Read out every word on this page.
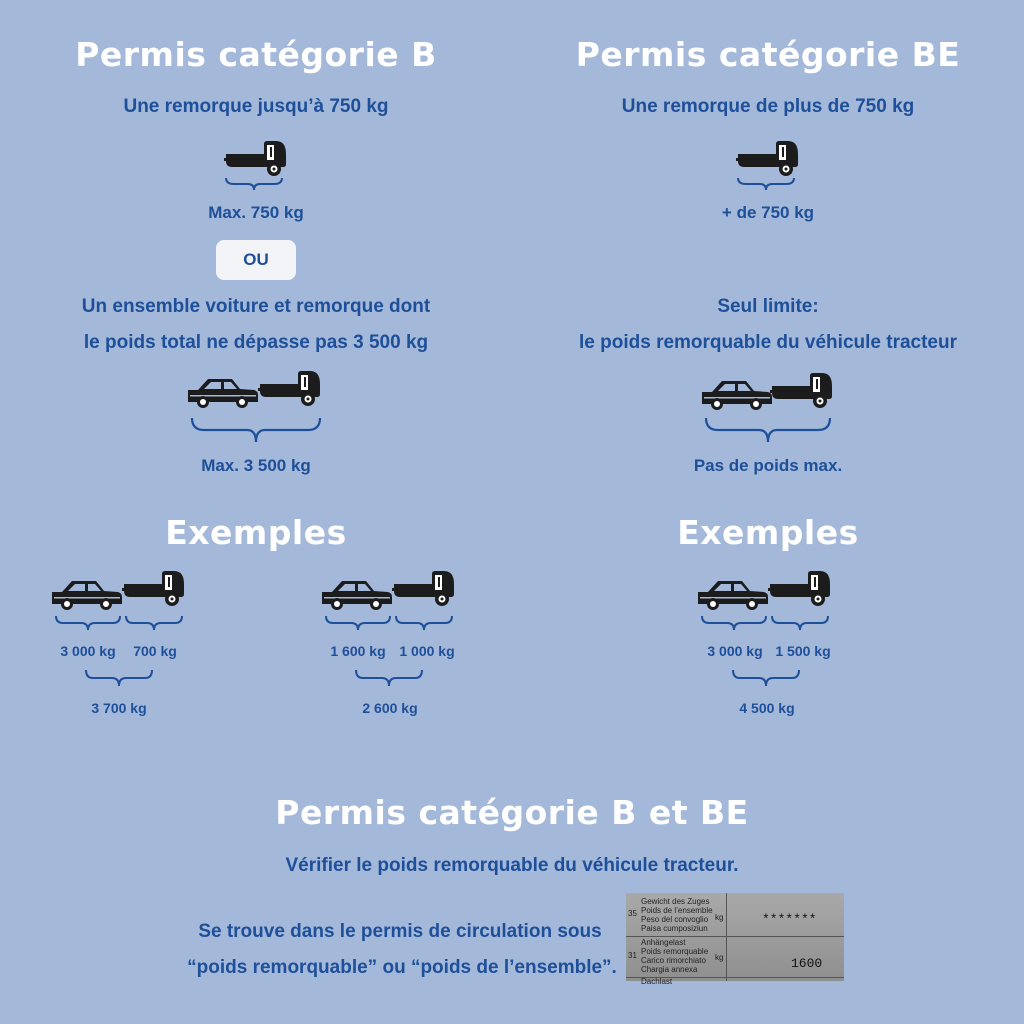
Permis catégorie B
Une remorque jusqu’à 750 kg
Max. 750 kg
OU
Un ensemble voiture et remorque dont
le poids total ne dépasse pas 3 500 kg
Max. 3 500 kg
Exemples
3 000 kg 700 kg
3 700 kg
1 600 kg 1 000 kg
2 600 kg
Permis catégorie BE
Une remorque de plus de 750 kg
+ de 750 kg
Seul limite:
le poids remorquable du véhicule tracteur
Pas de poids max.
Exemples
3 000 kg 1 500 kg
4 500 kg
Permis catégorie B et BE
Vérifier le poids remorquable du véhicule tracteur.
Se trouve dans le permis de circulation sous
“poids remorquable” ou “poids de l’ensemble”.
35
Gewicht des Zuges
Poids de l’ensemble
Peso del convoglio
Paisa cumposiziun
kg	*******
31
Anhängelast
Poids remorquable
Carico rimorchiato
Chargia annexa
kg	1600
Dachlast
